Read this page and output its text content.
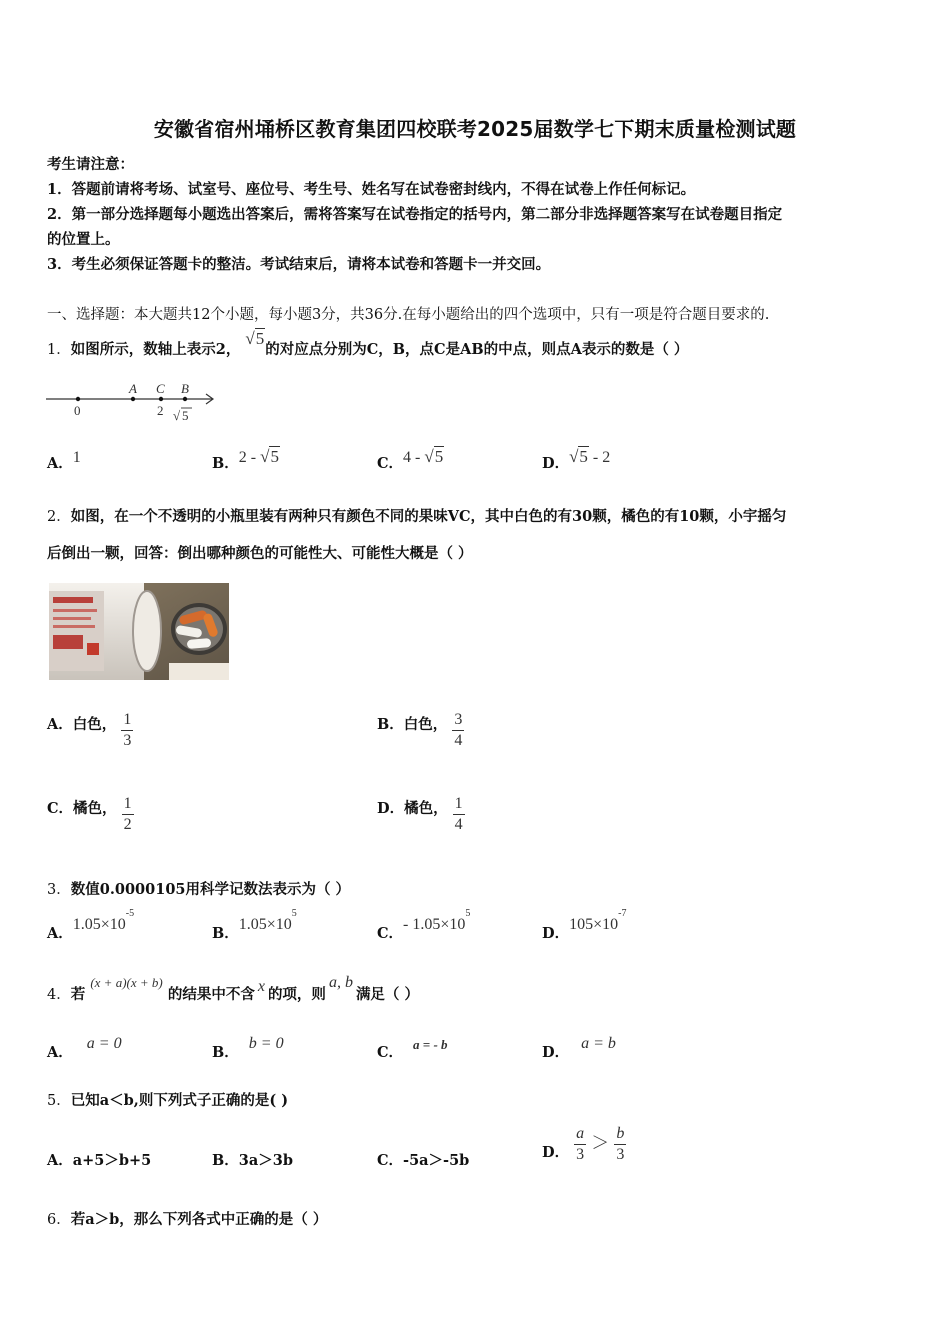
安徽省宿州埇桥区教育集团四校联考2025届数学七下期末质量检测试题
考生请注意：
1．答题前请将考场、试室号、座位号、考生号、姓名写在试卷密封线内，不得在试卷上作任何标记。
2．第一部分选择题每小题选出答案后，需将答案写在试卷指定的括号内，第二部分非选择题答案写在试卷题目指定
的位置上。
3．考生必须保证答题卡的整洁。考试结束后，请将本试卷和答题卡一并交回。
一、选择题：本大题共12个小题，每小题3分，共36分.在每小题给出的四个选项中，只有一项是符合题目要求的.
1．如图所示，数轴上表示2， √5的对应点分别为C，B，点C是AB的中点，则点A表示的数是（ ）
A C B
0	2 √ 5
A．1	B．2 - √5	C．4 - √5	D．√5 - 2
2．如图，在一个不透明的小瓶里装有两种只有颜色不同的果味VC，其中白色的有30颗，橘色的有10颗，小宇摇匀
后倒出一颗，回答：倒出哪种颜色的可能性大、可能性大概是（ ）
A．白色， $\frac{1}{3}$	B．白色， $\frac{3}{4}$
C．橘色， $\frac{1}{2}$	D．橘色， $\frac{1}{4}$
3．数值0.0000105用科学记数法表示为（ ）
A．$1.05\times 10^{-5}$
B．$1.05\times 10^5$
C．- $1.05\times 10^5$
D．$105\times 10^{-7}$
4．若 $^{(x + a)(x + b)}$ 的结果中不含 x 的项，则a, b满足（ ）
A．a = 0
B．b = 0
C． $^{a = - b}$	D．a = b
5．已知a＜b,则下列式子正确的是( )
A．a+5＞b+5	B．3a＞3b	C．-5a＞-5b	D． $\frac{a}{3} > \frac{b}{3}$
6．若a＞b，那么下列各式中正确的是（ ）
